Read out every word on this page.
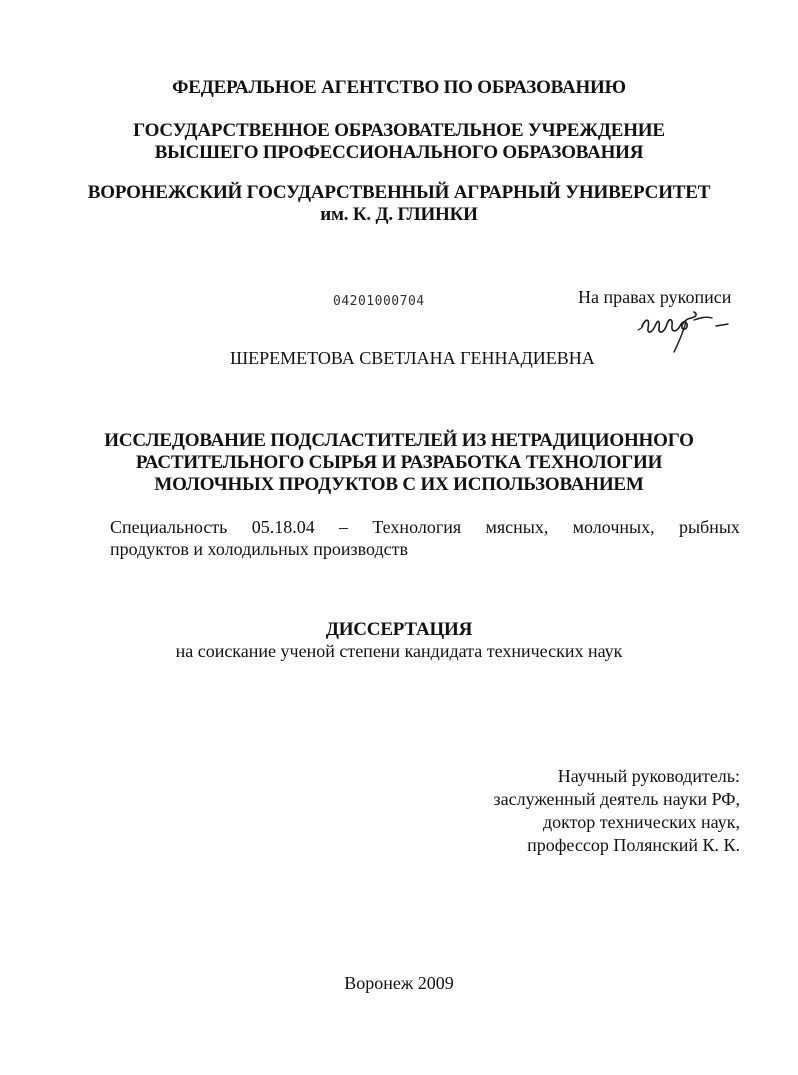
ФЕДЕРАЛЬНОЕ АГЕНТСТВО ПО ОБРАЗОВАНИЮ

ГОСУДАРСТВЕННОЕ ОБРАЗОВАТЕЛЬНОЕ УЧРЕЖДЕНИЕ

ВЫСШЕГО ПРОФЕССИОНАЛЬНОГО ОБРАЗОВАНИЯ

ВОРОНЕЖСКИЙ ГОСУДАРСТВЕННЫЙ АГРАРНЫЙ УНИВЕРСИТЕТ

им. К. Д. ГЛИНКИ

04201000704	На правах рукописи

ШЕРЕМЕТОВА СВЕТЛАНА ГЕННАДИЕВНА

ИССЛЕДОВАНИЕ ПОДСЛАСТИТЕЛЕЙ ИЗ НЕТРАДИЦИОННОГО

РАСТИТЕЛЬНОГО СЫРЬЯ И РАЗРАБОТКА ТЕХНОЛОГИИ

МОЛОЧНЫХ ПРОДУКТОВ С ИХ ИСПОЛЬЗОВАНИЕМ

Специальность 05.18.04 – Технология мясных, молочных, рыбных
продуктов и холодильных производств

ДИССЕРТАЦИЯ

на соискание ученой степени кандидата технических наук

Научный руководитель:
заслуженный деятель науки РФ,
доктор технических наук,
профессор Полянский К. К.

Воронеж 2009
